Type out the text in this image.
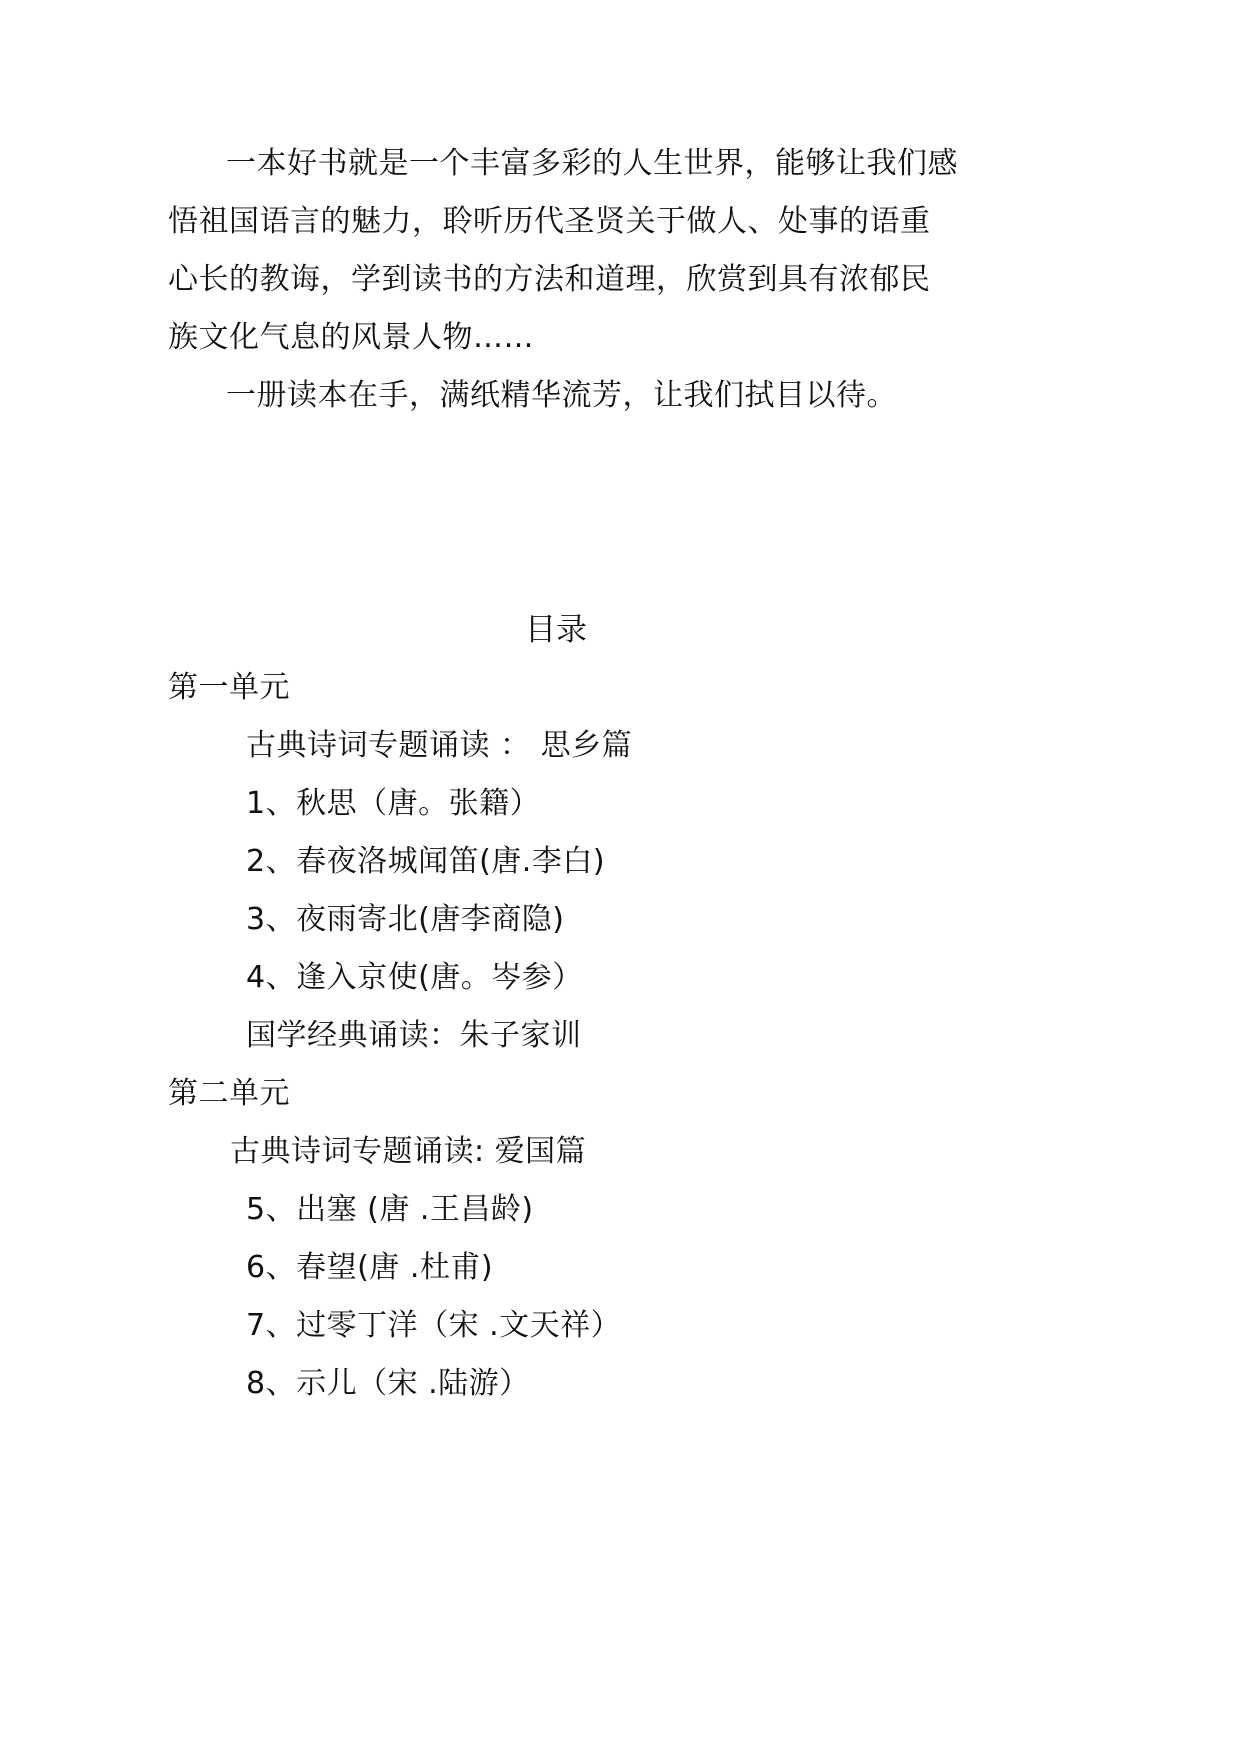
一本好书就是一个丰富多彩的人生世界，能够让我们感
悟祖国语言的魅力，聆听历代圣贤关于做人、处事的语重
心长的教诲，学到读书的方法和道理，欣赏到具有浓郁民
族文化气息的风景人物……
一册读本在手，满纸精华流芳，让我们拭目以待。
目录
第一单元
古典诗词专题诵读 ： 思乡篇
1、秋思（唐。张籍）
2、春夜洛城闻笛(唐.李白)
3、夜雨寄北(唐李商隐)
4、逢入京使(唐。岑参）
国学经典诵读：朱子家训
第二单元
古典诗词专题诵读: 爱国篇
5、出塞 (唐 .王昌龄)
6、春望(唐 .杜甫)
7、过零丁洋（宋 .文天祥）
8、示儿（宋 .陆游）
